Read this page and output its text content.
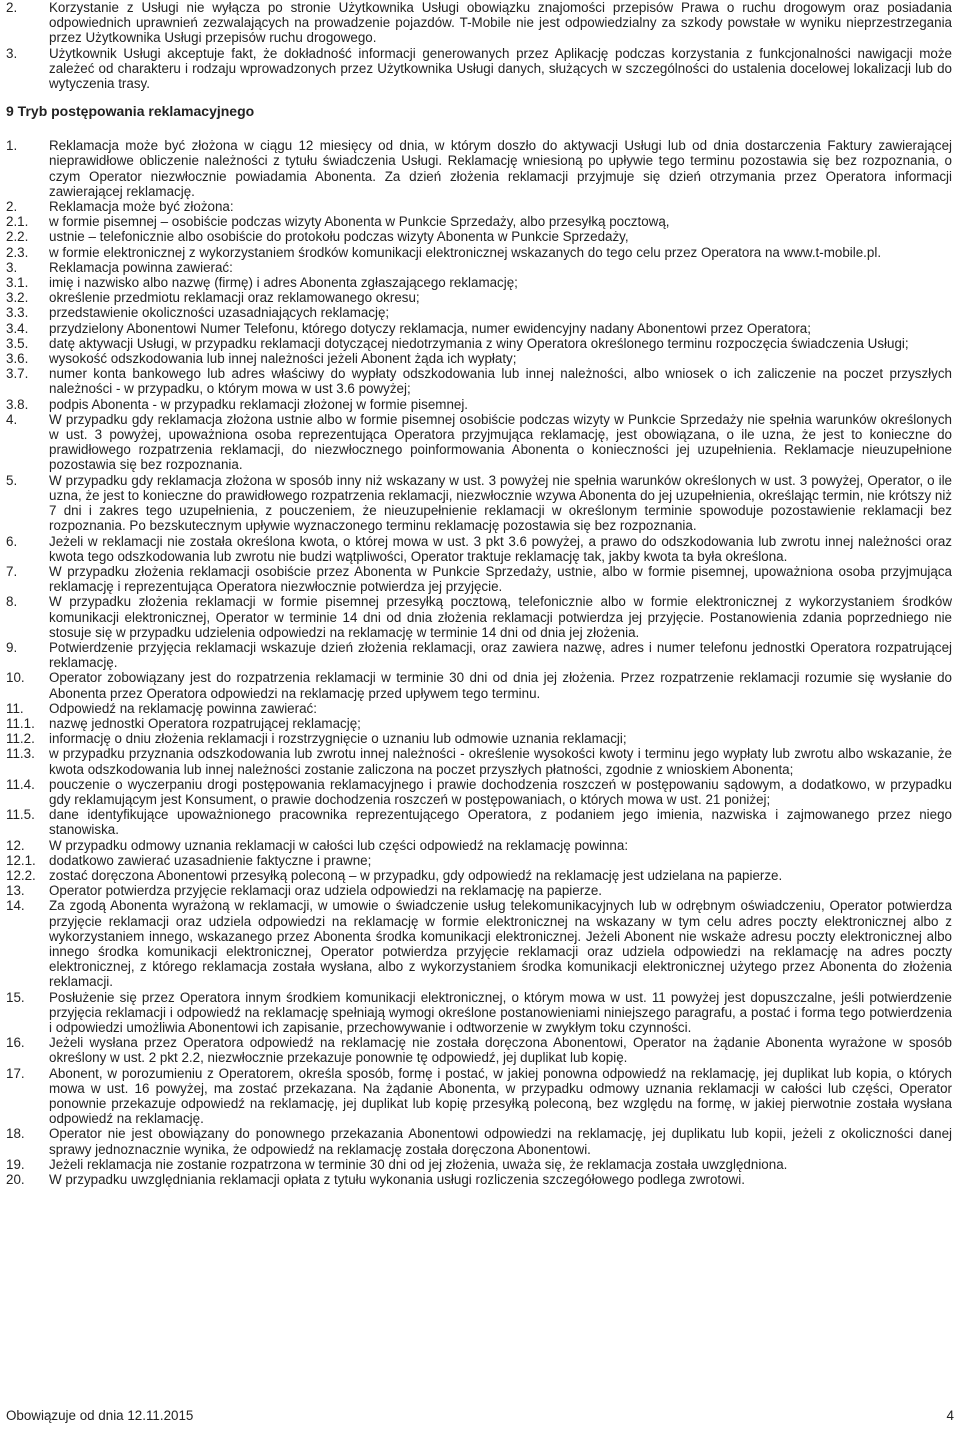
2.	Korzystanie z Usługi nie wyłącza po stronie Użytkownika Usługi obowiązku znajomości przepisów Prawa o ruchu drogowym oraz posiadania odpowiednich uprawnień zezwalających na prowadzenie pojazdów. T-Mobile nie jest odpowiedzialny za szkody powstałe w wyniku nieprzestrzegania przez Użytkownika Usługi przepisów ruchu drogowego.
3.	Użytkownik Usługi akceptuje fakt, że dokładność informacji generowanych przez Aplikację podczas korzystania z funkcjonalności nawigacji może zależeć od charakteru i rodzaju wprowadzonych przez Użytkownika Usługi danych, służących w szczególności do ustalenia docelowej lokalizacji lub do wytyczenia trasy.
9 Tryb postępowania reklamacyjnego
1.	Reklamacja może być złożona w ciągu 12 miesięcy od dnia, w którym doszło do aktywacji Usługi lub od dnia dostarczenia Faktury zawierającej nieprawidłowe obliczenie należności z tytułu świadczenia Usługi. Reklamację wniesioną po upływie tego terminu pozostawia się bez rozpoznania, o czym Operator niezwłocznie powiadamia Abonenta. Za dzień złożenia reklamacji przyjmuje się dzień otrzymania przez Operatora informacji zawierającej reklamację.
2.	Reklamacja może być złożona:
2.1.	w formie pisemnej – osobiście podczas wizyty Abonenta w Punkcie Sprzedaży, albo przesyłką pocztową,
2.2.	ustnie – telefonicznie albo osobiście do protokołu podczas wizyty Abonenta w Punkcie Sprzedaży,
2.3.	w formie elektronicznej z wykorzystaniem środków komunikacji elektronicznej wskazanych do tego celu przez Operatora na www.t-mobile.pl.
3.	Reklamacja powinna zawierać:
3.1.	imię i nazwisko albo nazwę (firmę) i adres Abonenta zgłaszającego reklamację;
3.2.	określenie przedmiotu reklamacji oraz reklamowanego okresu;
3.3.	przedstawienie okoliczności uzasadniających reklamację;
3.4.	przydzielony Abonentowi Numer Telefonu, którego dotyczy reklamacja, numer ewidencyjny nadany Abonentowi przez Operatora;
3.5.	datę aktywacji Usługi, w przypadku reklamacji dotyczącej niedotrzymania z winy Operatora określonego terminu rozpoczęcia świadczenia Usługi;
3.6.	wysokość odszkodowania lub innej należności jeżeli Abonent żąda ich wypłaty;
3.7.	numer konta bankowego lub adres właściwy do wypłaty odszkodowania lub innej należności, albo wniosek o ich zaliczenie na poczet przyszłych należności - w przypadku, o którym mowa w ust 3.6 powyżej;
3.8.	podpis Abonenta - w przypadku reklamacji złożonej w formie pisemnej.
4.	W przypadku gdy reklamacja złożona ustnie albo w formie pisemnej osobiście podczas wizyty w Punkcie Sprzedaży nie spełnia warunków określonych w ust. 3 powyżej, upoważniona osoba reprezentująca Operatora przyjmująca reklamację, jest obowiązana, o ile uzna, że jest to konieczne do prawidłowego rozpatrzenia reklamacji, do niezwłocznego poinformowania Abonenta o konieczności jej uzupełnienia. Reklamacje nieuzupełnione pozostawia się bez rozpoznania.
5.	W przypadku gdy reklamacja złożona w sposób inny niż wskazany w ust. 3 powyżej nie spełnia warunków określonych w ust. 3 powyżej, Operator, o ile uzna, że jest to konieczne do prawidłowego rozpatrzenia reklamacji, niezwłocznie wzywa Abonenta do jej uzupełnienia, określając termin, nie krótszy niż 7 dni i zakres tego uzupełnienia, z pouczeniem, że nieuzupełnienie reklamacji w określonym terminie spowoduje pozostawienie reklamacji bez rozpoznania. Po bezskutecznym upływie wyznaczonego terminu reklamację pozostawia się bez rozpoznania.
6.	Jeżeli w reklamacji nie została określona kwota, o której mowa w ust. 3 pkt 3.6 powyżej, a prawo do odszkodowania lub zwrotu innej należności oraz kwota tego odszkodowania lub zwrotu nie budzi wątpliwości, Operator traktuje reklamację tak, jakby kwota ta była określona.
7.	W przypadku złożenia reklamacji osobiście przez Abonenta w Punkcie Sprzedaży, ustnie, albo w formie pisemnej, upoważniona osoba przyjmująca reklamację i reprezentująca Operatora niezwłocznie potwierdza jej przyjęcie.
8.	W przypadku złożenia reklamacji w formie pisemnej przesyłką pocztową, telefonicznie albo w formie elektronicznej z wykorzystaniem środków komunikacji elektronicznej, Operator w terminie 14 dni od dnia złożenia reklamacji potwierdza jej przyjęcie. Postanowienia zdania poprzedniego nie stosuje się w przypadku udzielenia odpowiedzi na reklamację w terminie 14 dni od dnia jej złożenia.
9.	Potwierdzenie przyjęcia reklamacji wskazuje dzień złożenia reklamacji, oraz zawiera nazwę, adres i numer telefonu jednostki Operatora rozpatrującej reklamację.
10.	Operator zobowiązany jest do rozpatrzenia reklamacji w terminie 30 dni od dnia jej złożenia. Przez rozpatrzenie reklamacji rozumie się wysłanie do Abonenta przez Operatora odpowiedzi na reklamację przed upływem tego terminu.
11.	Odpowiedź na reklamację powinna zawierać:
11.1.	nazwę jednostki Operatora rozpatrującej reklamację;
11.2.	informację o dniu złożenia reklamacji i rozstrzygnięcie o uznaniu lub odmowie uznania reklamacji;
11.3.	w przypadku przyznania odszkodowania lub zwrotu innej należności - określenie wysokości kwoty i terminu jego wypłaty lub zwrotu albo wskazanie, że kwota odszkodowania lub innej należności zostanie zaliczona na poczet przyszłych płatności, zgodnie z wnioskiem Abonenta;
11.4.	pouczenie o wyczerpaniu drogi postępowania reklamacyjnego i prawie dochodzenia roszczeń w postępowaniu sądowym, a dodatkowo, w przypadku gdy reklamującym jest Konsument, o prawie dochodzenia roszczeń w postępowaniach, o których mowa w ust. 21 poniżej;
11.5.	dane identyfikujące upoważnionego pracownika reprezentującego Operatora, z podaniem jego imienia, nazwiska i zajmowanego przez niego stanowiska.
12.	W przypadku odmowy uznania reklamacji w całości lub części odpowiedź na reklamację powinna:
12.1. dodatkowo zawierać uzasadnienie faktyczne i prawne;
12.2. zostać doręczona Abonentowi przesyłką poleconą – w przypadku, gdy odpowiedź na reklamację jest udzielana na papierze.
13.	Operator potwierdza przyjęcie reklamacji oraz udziela odpowiedzi na reklamację na papierze.
14.	Za zgodą Abonenta wyrażoną w reklamacji, w umowie o świadczenie usług telekomunikacyjnych lub w odrębnym oświadczeniu, Operator potwierdza przyjęcie reklamacji oraz udziela odpowiedzi na reklamację w formie elektronicznej na wskazany w tym celu adres poczty elektronicznej albo z wykorzystaniem innego, wskazanego przez Abonenta środka komunikacji elektronicznej. Jeżeli Abonent nie wskaże adresu poczty elektronicznej albo innego środka komunikacji elektronicznej, Operator potwierdza przyjęcie reklamacji oraz udziela odpowiedzi na reklamację na adres poczty elektronicznej, z którego reklamacja została wysłana, albo z wykorzystaniem środka komunikacji elektronicznej użytego przez Abonenta do złożenia reklamacji.
15.	Posłużenie się przez Operatora innym środkiem komunikacji elektronicznej, o którym mowa w ust. 11 powyżej jest dopuszczalne, jeśli potwierdzenie przyjęcia reklamacji i odpowiedź na reklamację spełniają wymogi określone postanowieniami niniejszego paragrafu, a postać i forma tego potwierdzenia i odpowiedzi umożliwia Abonentowi ich zapisanie, przechowywanie i odtworzenie w zwykłym toku czynności.
16.	Jeżeli wysłana przez Operatora odpowiedź na reklamację nie została doręczona Abonentowi, Operator na żądanie Abonenta wyrażone w sposób określony w ust. 2 pkt 2.2, niezwłocznie przekazuje ponownie tę odpowiedź, jej duplikat lub kopię.
17.	Abonent, w porozumieniu z Operatorem, określa sposób, formę i postać, w jakiej ponowna odpowiedź na reklamację, jej duplikat lub kopia, o których mowa w ust. 16 powyżej, ma zostać przekazana. Na żądanie Abonenta, w przypadku odmowy uznania reklamacji w całości lub części, Operator ponownie przekazuje odpowiedź na reklamację, jej duplikat lub kopię przesyłką poleconą, bez względu na formę, w jakiej pierwotnie została wysłana odpowiedź na reklamację.
18.	Operator nie jest obowiązany do ponownego przekazania Abonentowi odpowiedzi na reklamację, jej duplikatu lub kopii, jeżeli z okoliczności danej sprawy jednoznacznie wynika, że odpowiedź na reklamację została doręczona Abonentowi.
19.	Jeżeli reklamacja nie zostanie rozpatrzona w terminie 30 dni od jej złożenia, uważa się, że reklamacja została uwzględniona.
20.	W przypadku uwzględniania reklamacji opłata z tytułu wykonania usługi rozliczenia szczegółowego podlega zwrotowi.
Obowiązuje od dnia 12.11.2015	4
